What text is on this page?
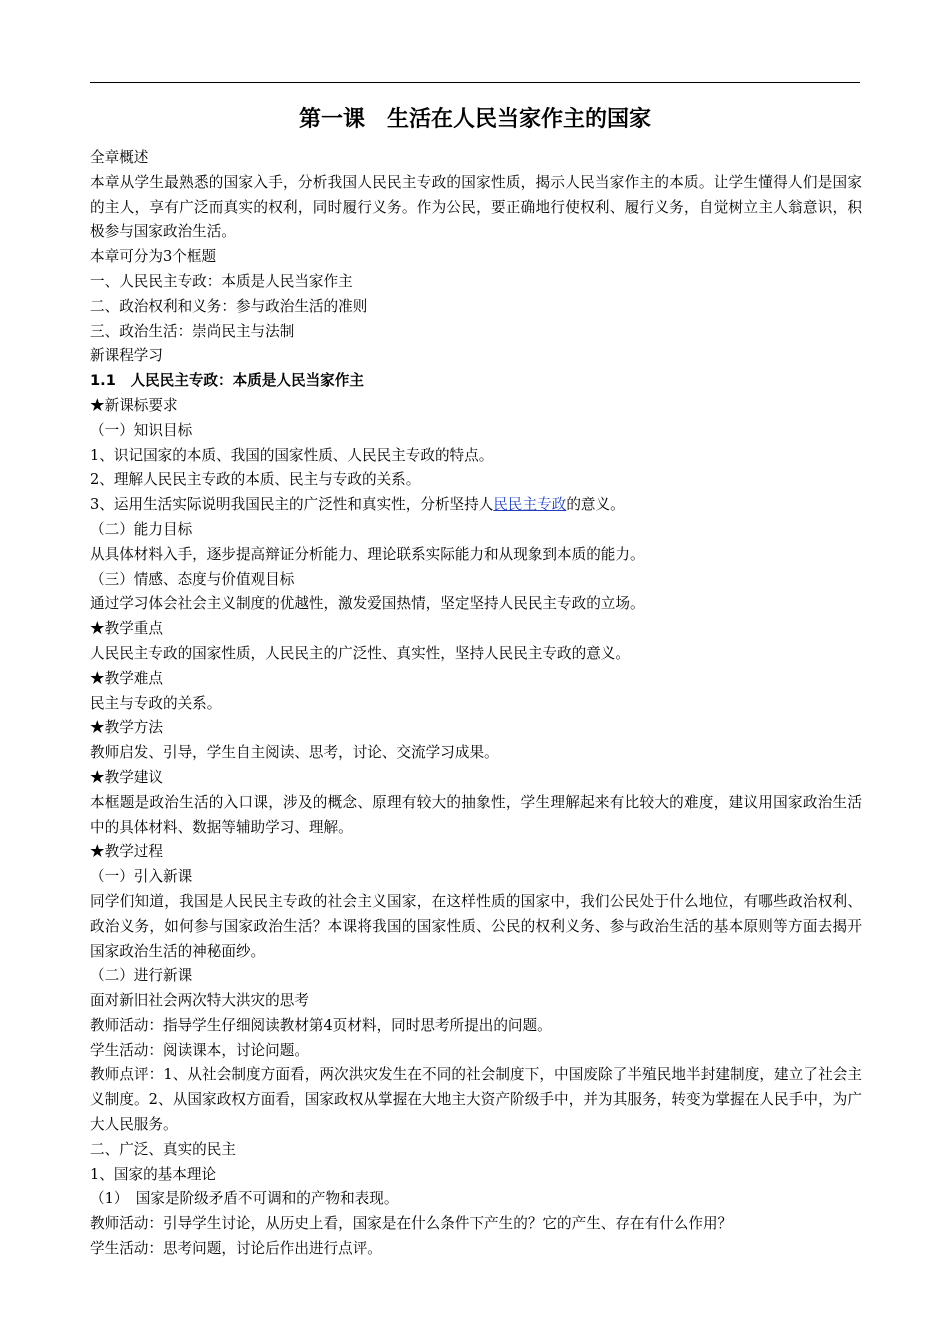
第一课　生活在人民当家作主的国家

全章概述

本章从学生最熟悉的国家入手，分析我国人民民主专政的国家性质，揭示人民当家作主的本质。让学生懂得人们是国家的主人，享有广泛而真实的权利，同时履行义务。作为公民，要正确地行使权利、履行义务，自觉树立主人翁意识，积极参与国家政治生活。

本章可分为3个框题

一、人民民主专政：本质是人民当家作主

二、政治权利和义务：参与政治生活的准则

三、政治生活：崇尚民主与法制

新课程学习

1.1　人民民主专政：本质是人民当家作主

★新课标要求

（一）知识目标

1、识记国家的本质、我国的国家性质、人民民主专政的特点。

2、理解人民民主专政的本质、民主与专政的关系。

3、运用生活实际说明我国民主的广泛性和真实性，分析坚持人民民主专政的意义。

（二）能力目标

从具体材料入手，逐步提高辩证分析能力、理论联系实际能力和从现象到本质的能力。

（三）情感、态度与价值观目标

通过学习体会社会主义制度的优越性，激发爱国热情，坚定坚持人民民主专政的立场。

★教学重点

人民民主专政的国家性质，人民民主的广泛性、真实性，坚持人民民主专政的意义。

★教学难点

民主与专政的关系。

★教学方法

教师启发、引导，学生自主阅读、思考，讨论、交流学习成果。

★教学建议

本框题是政治生活的入口课，涉及的概念、原理有较大的抽象性，学生理解起来有比较大的难度，建议用国家政治生活中的具体材料、数据等辅助学习、理解。

★教学过程

（一）引入新课

同学们知道，我国是人民民主专政的社会主义国家，在这样性质的国家中，我们公民处于什么地位，有哪些政治权利、政治义务，如何参与国家政治生活？本课将我国的国家性质、公民的权利义务、参与政治生活的基本原则等方面去揭开国家政治生活的神秘面纱。

（二）进行新课

面对新旧社会两次特大洪灾的思考

教师活动：指导学生仔细阅读教材第4页材料，同时思考所提出的问题。

学生活动：阅读课本，讨论问题。

教师点评：1、从社会制度方面看，两次洪灾发生在不同的社会制度下，中国废除了半殖民地半封建制度，建立了社会主义制度。2、从国家政权方面看，国家政权从掌握在大地主大资产阶级手中，并为其服务，转变为掌握在人民手中，为广大人民服务。

二、广泛、真实的民主

1、国家的基本理论

（1）　国家是阶级矛盾不可调和的产物和表现。

教师活动：引导学生讨论，从历史上看，国家是在什么条件下产生的？它的产生、存在有什么作用？

学生活动：思考问题，讨论后作出进行点评。
